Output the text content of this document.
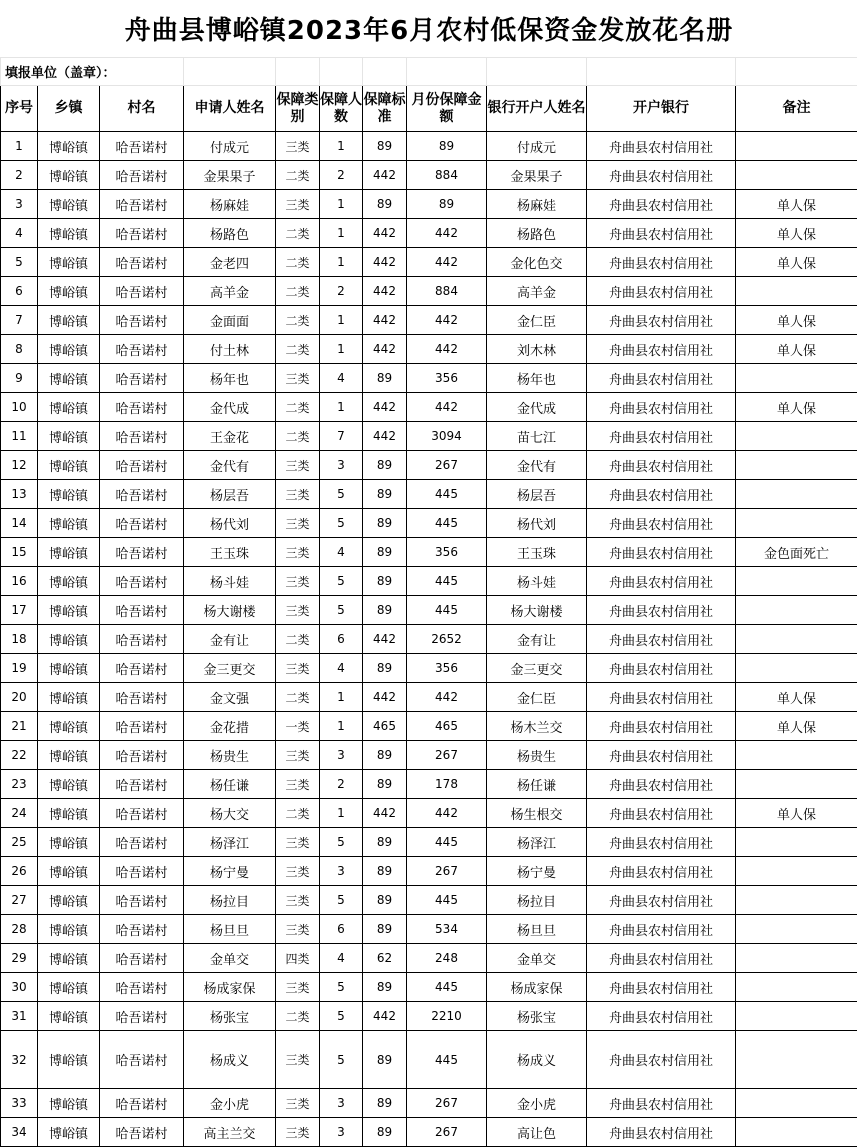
舟曲县博峪镇2023年6月农村低保资金发放花名册										
填报单位（盖章）：										
序号	乡镇	村名	申请人姓名	保障类别	保障人数	保障标准	月份保障金额	银行开户人姓名	开户银行	备注
1	博峪镇	哈吾诺村	付成元	三类	1	89	89	付成元	舟曲县农村信用社	
2	博峪镇	哈吾诺村	金果果子	二类	2	442	884	金果果子	舟曲县农村信用社	
3	博峪镇	哈吾诺村	杨麻娃	三类	1	89	89	杨麻娃	舟曲县农村信用社	单人保
4	博峪镇	哈吾诺村	杨路色	二类	1	442	442	杨路色	舟曲县农村信用社	单人保
5	博峪镇	哈吾诺村	金老四	二类	1	442	442	金化色交	舟曲县农村信用社	单人保
6	博峪镇	哈吾诺村	高羊金	二类	2	442	884	高羊金	舟曲县农村信用社	
7	博峪镇	哈吾诺村	金面面	二类	1	442	442	金仁臣	舟曲县农村信用社	单人保
8	博峪镇	哈吾诺村	付土林	二类	1	442	442	刘木林	舟曲县农村信用社	单人保
9	博峪镇	哈吾诺村	杨年也	三类	4	89	356	杨年也	舟曲县农村信用社	
10	博峪镇	哈吾诺村	金代成	二类	1	442	442	金代成	舟曲县农村信用社	单人保
11	博峪镇	哈吾诺村	王金花	二类	7	442	3094	苗七江	舟曲县农村信用社	
12	博峪镇	哈吾诺村	金代有	三类	3	89	267	金代有	舟曲县农村信用社	
13	博峪镇	哈吾诺村	杨层吾	三类	5	89	445	杨层吾	舟曲县农村信用社	
14	博峪镇	哈吾诺村	杨代刘	三类	5	89	445	杨代刘	舟曲县农村信用社	
15	博峪镇	哈吾诺村	王玉珠	三类	4	89	356	王玉珠	舟曲县农村信用社	金色面死亡
16	博峪镇	哈吾诺村	杨斗娃	三类	5	89	445	杨斗娃	舟曲县农村信用社	
17	博峪镇	哈吾诺村	杨大谢楼	三类	5	89	445	杨大谢楼	舟曲县农村信用社	
18	博峪镇	哈吾诺村	金有让	二类	6	442	2652	金有让	舟曲县农村信用社	
19	博峪镇	哈吾诺村	金三更交	三类	4	89	356	金三更交	舟曲县农村信用社	
20	博峪镇	哈吾诺村	金文强	二类	1	442	442	金仁臣	舟曲县农村信用社	单人保
21	博峪镇	哈吾诺村	金花措	一类	1	465	465	杨木兰交	舟曲县农村信用社	单人保
22	博峪镇	哈吾诺村	杨贵生	三类	3	89	267	杨贵生	舟曲县农村信用社	
23	博峪镇	哈吾诺村	杨任谦	三类	2	89	178	杨任谦	舟曲县农村信用社	
24	博峪镇	哈吾诺村	杨大交	二类	1	442	442	杨生根交	舟曲县农村信用社	单人保
25	博峪镇	哈吾诺村	杨泽江	三类	5	89	445	杨泽江	舟曲县农村信用社	
26	博峪镇	哈吾诺村	杨宁曼	三类	3	89	267	杨宁曼	舟曲县农村信用社	
27	博峪镇	哈吾诺村	杨拉目	三类	5	89	445	杨拉目	舟曲县农村信用社	
28	博峪镇	哈吾诺村	杨旦旦	三类	6	89	534	杨旦旦	舟曲县农村信用社	
29	博峪镇	哈吾诺村	金单交	四类	4	62	248	金单交	舟曲县农村信用社	
30	博峪镇	哈吾诺村	杨成家保	三类	5	89	445	杨成家保	舟曲县农村信用社	
31	博峪镇	哈吾诺村	杨张宝	二类	5	442	2210	杨张宝	舟曲县农村信用社	
32	博峪镇	哈吾诺村	杨成义	三类	5	89	445	杨成义	舟曲县农村信用社	
33	博峪镇	哈吾诺村	金小虎	三类	3	89	267	金小虎	舟曲县农村信用社	
34	博峪镇	哈吾诺村	高主兰交	三类	3	89	267	高让色	舟曲县农村信用社	
